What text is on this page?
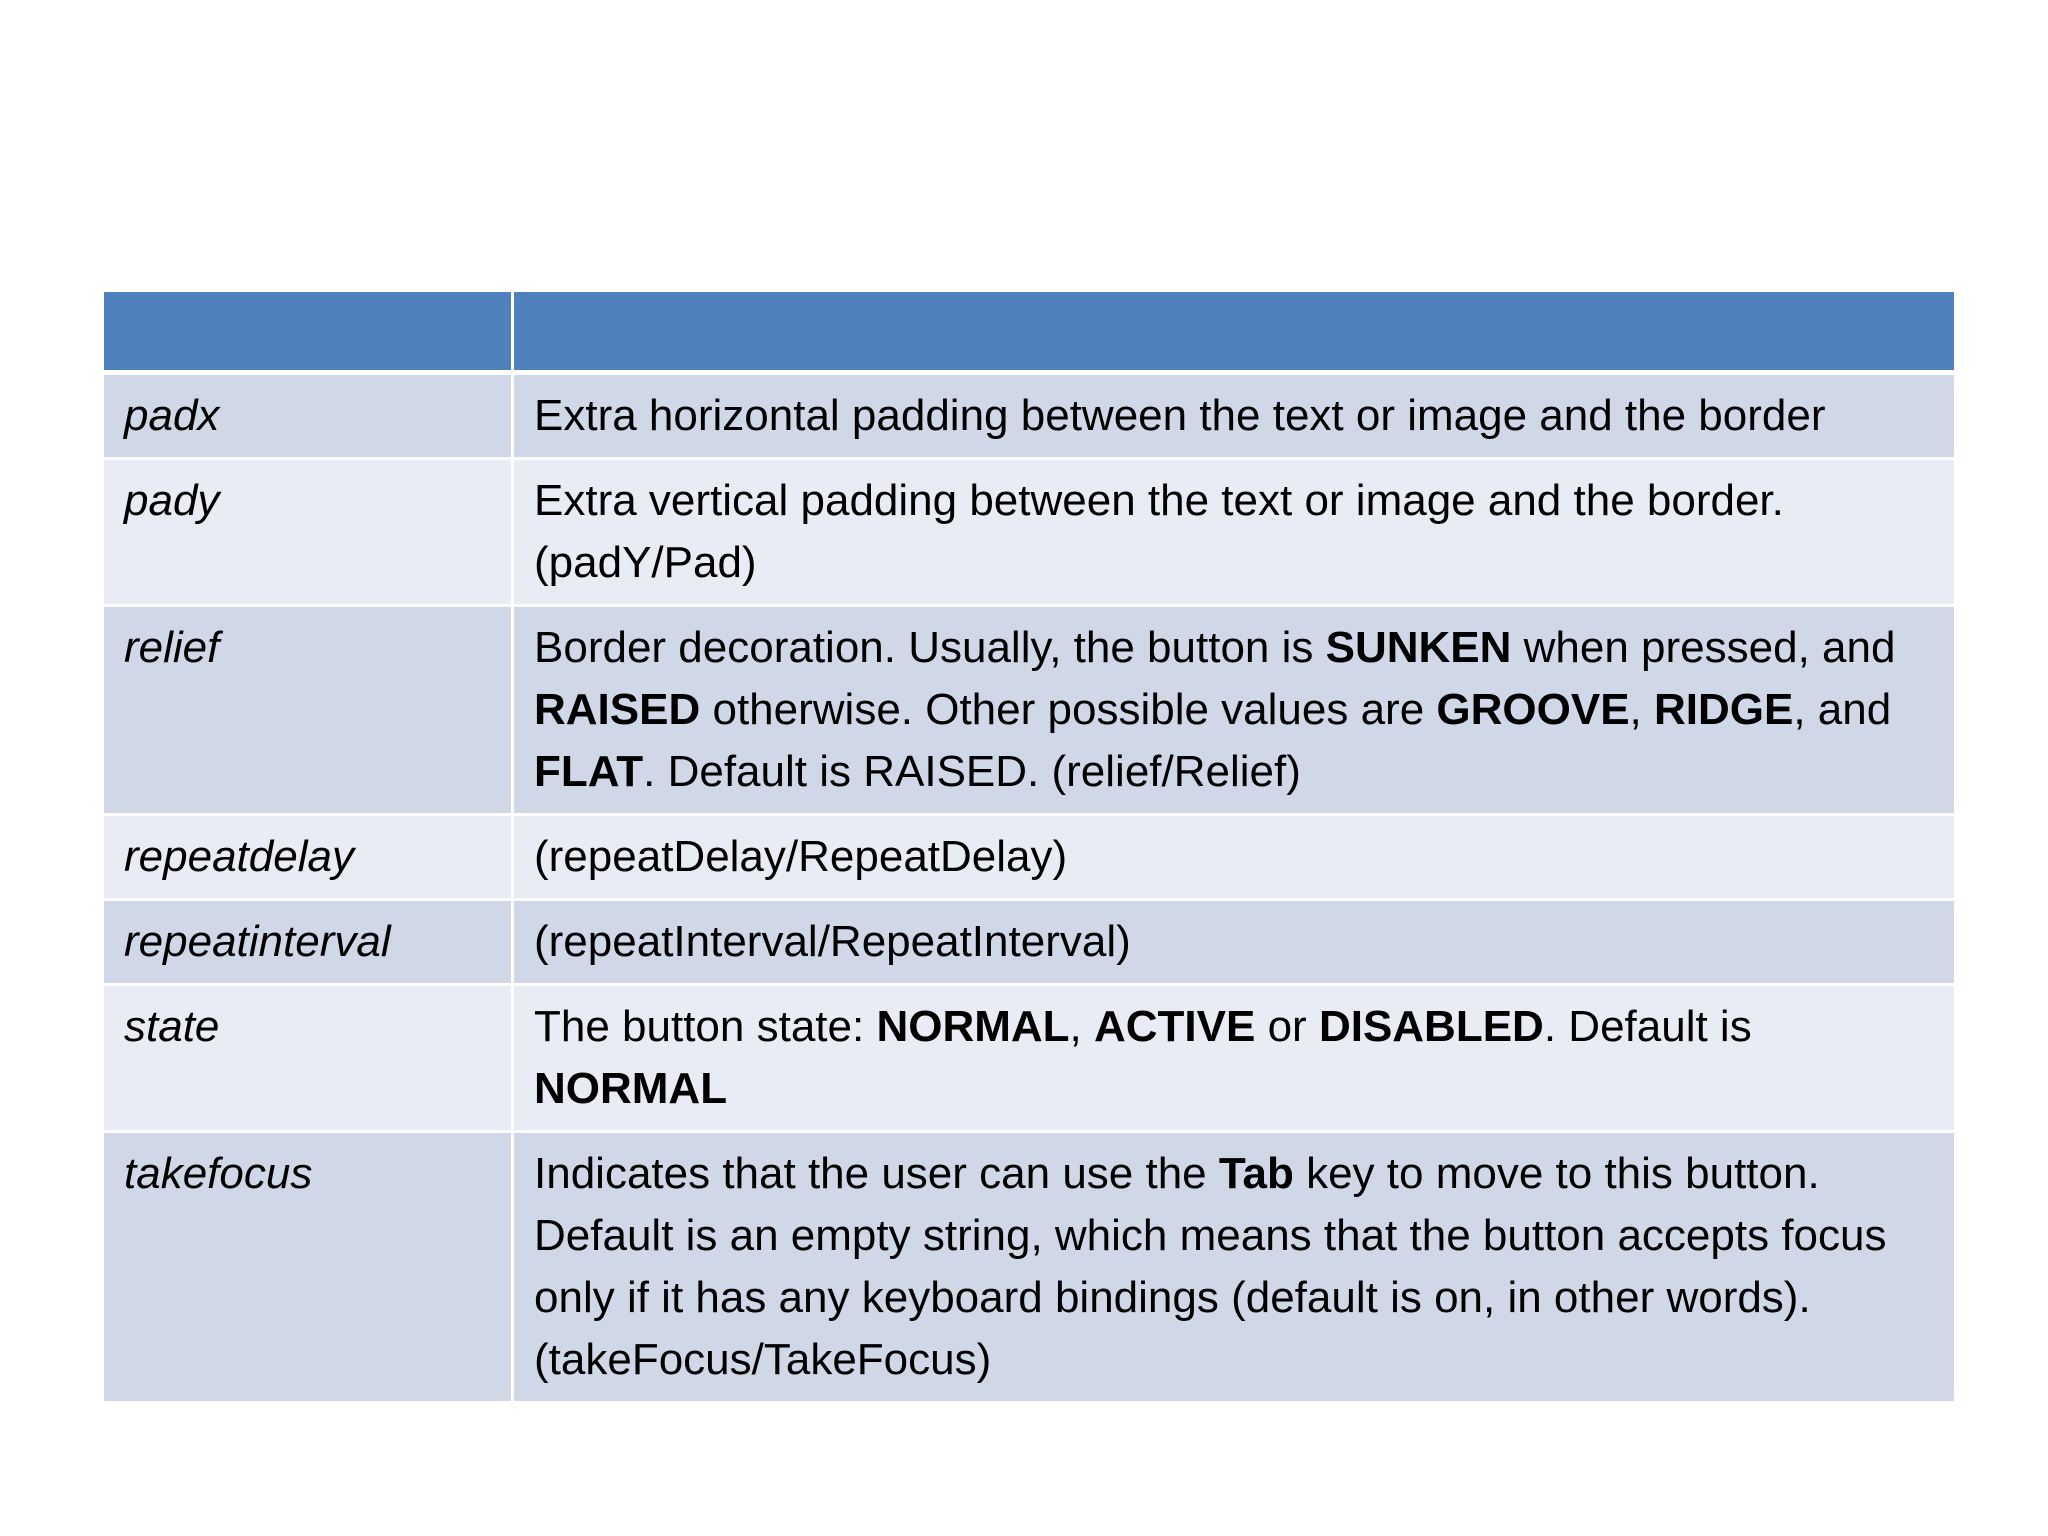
padx	Extra horizontal padding between the text or image and the border
pady	Extra vertical padding between the text or image and the border. (padY/Pad)
relief	Border decoration. Usually, the button is SUNKEN when pressed, and RAISED otherwise. Other possible values are GROOVE, RIDGE, and FLAT. Default is RAISED. (relief/Relief)
repeatdelay	(repeatDelay/RepeatDelay)
repeatinterval	(repeatInterval/RepeatInterval)
state	The button state: NORMAL, ACTIVE or DISABLED. Default is NORMAL
takefocus	Indicates that the user can use the Tab key to move to this button. Default is an empty string, which means that the button accepts focus only if it has any keyboard bindings (default is on, in other words). (takeFocus/TakeFocus)
